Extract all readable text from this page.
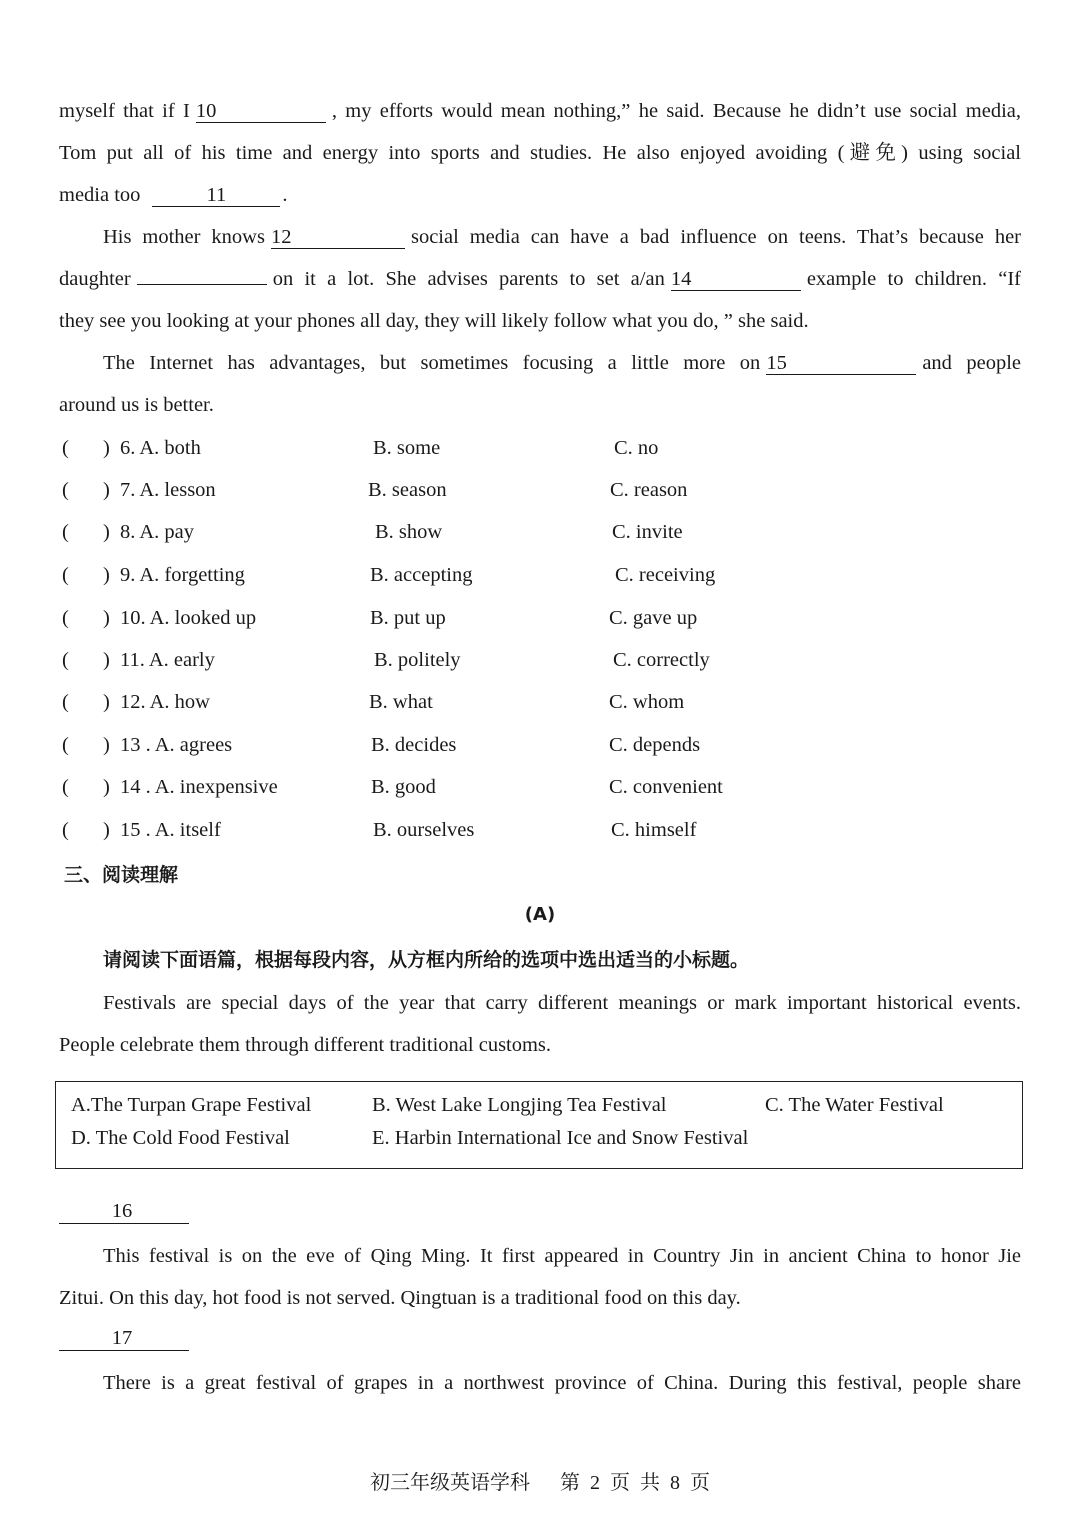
myself that if I 10	, my efforts would mean nothing,” he said. Because he didn’t use social media,
Tom put all of his time and energy into sports and studies. He also enjoyed avoiding (避免) using social
media too	11	.
His mother knows 12	social media can have a bad influence on teens. That’s because her
daughter	on it a lot. She advises parents to set a/an 14	example to children. “If
they see you looking at your phones all day, they will likely follow what you do, ” she said.
The Internet has advantages, but sometimes focusing a little more on 15	and people
around us is better.
( ) 6. A. both	B. some	C. no
( ) 7. A. lesson	B. season	C. reason
( ) 8. A. pay	B. show	C. invite
( ) 9. A. forgetting	B. accepting	C. receiving
( ) 10. A. looked up	B. put up	C. gave up
( ) 11. A. early	B. politely	C. correctly
( ) 12. A. how	B. what	C. whom
( ) 13 . A. agrees	B. decides	C. depends
( ) 14 . A. inexpensive	B. good	C. convenient
( ) 15 . A. itself	B. ourselves	C. himself
三、阅读理解
(A)
请阅读下面语篇，根据每段内容，从方框内所给的选项中选出适当的小标题。
Festivals are special days of the year that carry different meanings or mark important historical events.
People celebrate them through different traditional customs.
A.The Turpan Grape Festival	B. West Lake Longjing Tea Festival	C. The Water Festival
D. The Cold Food Festival	E. Harbin International Ice and Snow Festival
16
This festival is on the eve of Qing Ming. It first appeared in Country Jin in ancient China to honor Jie
Zitui. On this day, hot food is not served. Qingtuan is a traditional food on this day.
17
There is a great festival of grapes in a northwest province of China. During this festival, people share
初三年级英语学科      第  2  页  共  8  页
